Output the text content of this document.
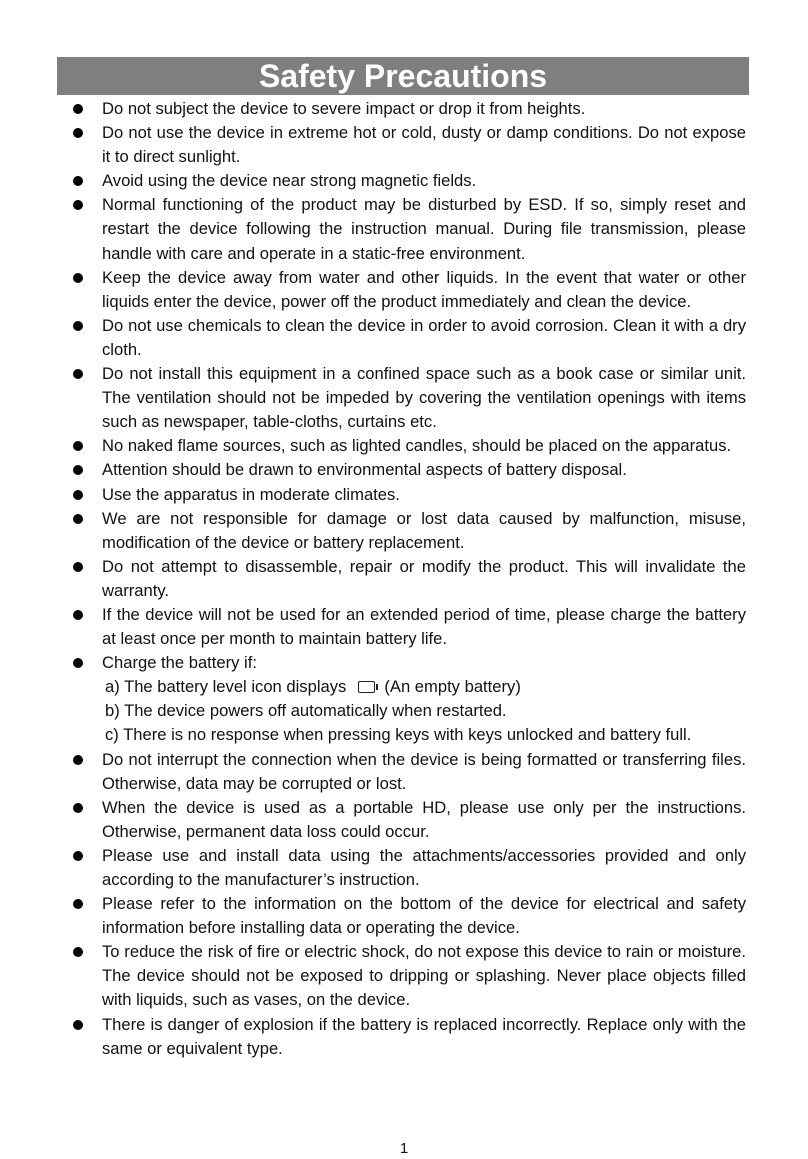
Safety Precautions
Do not subject the device to severe impact or drop it from heights.
Do not use the device in extreme hot or cold, dusty or damp conditions. Do not expose it to direct sunlight.
Avoid using the device near strong magnetic fields.
Normal functioning of the product may be disturbed by ESD. If so, simply reset and restart the device following the instruction manual. During file transmission, please handle with care and operate in a static-free environment.
Keep the device away from water and other liquids. In the event that water or other liquids enter the device, power off the product immediately and clean the device.
Do not use chemicals to clean the device in order to avoid corrosion. Clean it with a dry cloth.
Do not install this equipment in a confined space such as a book case or similar unit. The ventilation should not be impeded by covering the ventilation openings with items such as newspaper, table-cloths, curtains etc.
No naked flame sources, such as lighted candles, should be placed on the apparatus.
Attention should be drawn to environmental aspects of battery disposal.
Use the apparatus in moderate climates.
We are not responsible for damage or lost data caused by malfunction, misuse, modification of the device or battery replacement.
Do not attempt to disassemble, repair or modify the product. This will invalidate the warranty.
If the device will not be used for an extended period of time, please charge the battery at least once per month to maintain battery life.
Charge the battery if:
a) The battery level icon displays (An empty battery)
b) The device powers off automatically when restarted.
c) There is no response when pressing keys with keys unlocked and battery full.
Do not interrupt the connection when the device is being formatted or transferring files. Otherwise, data may be corrupted or lost.
When the device is used as a portable HD, please use only per the instructions. Otherwise, permanent data loss could occur.
Please use and install data using the attachments/accessories provided and only according to the manufacturer’s instruction.
Please refer to the information on the bottom of the device for electrical and safety information before installing data or operating the device.
To reduce the risk of fire or electric shock, do not expose this device to rain or moisture. The device should not be exposed to dripping or splashing. Never place objects filled with liquids, such as vases, on the device.
There is danger of explosion if the battery is replaced incorrectly. Replace only with the same or equivalent type.
1
